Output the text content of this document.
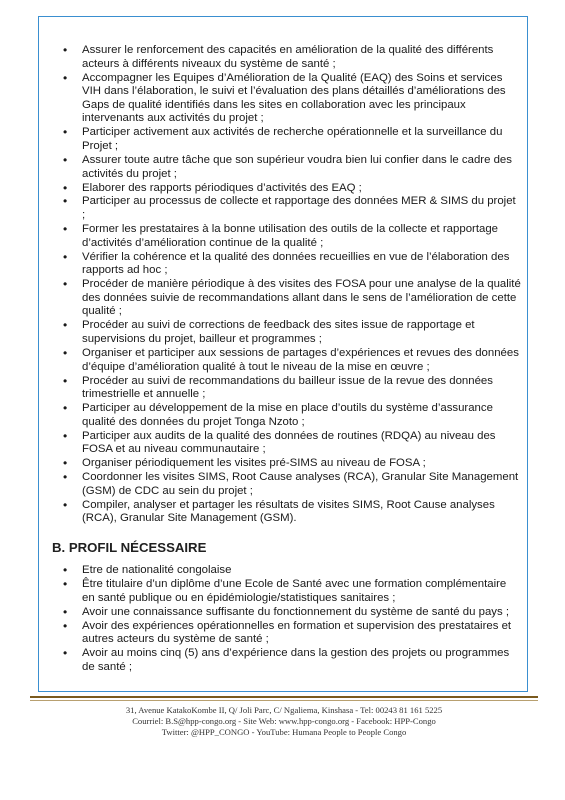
• Assurer le renforcement des capacités en amélioration de la qualité des différents acteurs à différents niveaux du système de santé ;
• Accompagner les Equipes d’Amélioration de la Qualité (EAQ) des Soins et services VIH dans l’élaboration, le suivi et l’évaluation des plans détaillés d’améliorations des Gaps de qualité identifiés dans les sites en collaboration avec les principaux intervenants aux activités du projet ;
• Participer activement aux activités de recherche opérationnelle et la surveillance du Projet ;
• Assurer toute autre tâche que son supérieur voudra bien lui confier dans le cadre des activités du projet ;
• Elaborer des rapports périodiques d’activités des EAQ ;
• Participer au processus de collecte et rapportage des données MER & SIMS du projet ;
• Former les prestataires à la bonne utilisation des outils de la collecte et rapportage d’activités d’amélioration continue de la qualité ;
• Vérifier la cohérence et la qualité des données recueillies en vue de l’élaboration des rapports ad hoc ;
• Procéder de manière périodique à des visites des FOSA pour une analyse de la qualité des données suivie de recommandations allant dans le sens de l’amélioration de cette qualité ;
• Procéder au suivi de corrections de feedback des sites issue de rapportage et supervisions du projet, bailleur et programmes ;
• Organiser et participer aux sessions de partages d’expériences et revues des données d’équipe d’amélioration qualité à tout le niveau de la mise en œuvre ;
• Procéder au suivi de recommandations du bailleur issue de la revue des données trimestrielle et annuelle ;
• Participer au développement de la mise en place d’outils du système d’assurance qualité des données du projet Tonga Nzoto ;
• Participer aux audits de la qualité des données de routines (RDQA) au niveau des FOSA et au niveau communautaire ;
• Organiser périodiquement les visites pré-SIMS au niveau de FOSA ;
• Coordonner les visites SIMS, Root Cause analyses (RCA), Granular Site Management (GSM) de CDC au sein du projet ;
• Compiler, analyser et partager les résultats de visites SIMS, Root Cause analyses (RCA), Granular Site Management (GSM).
B. PROFIL NÉCESSAIRE
• Etre de nationalité congolaise
• Être titulaire d’un diplôme d’une Ecole de Santé avec une formation complémentaire en santé publique ou en épidémiologie/statistiques sanitaires ;
• Avoir une connaissance suffisante du fonctionnement du système de santé du pays ;
• Avoir des expériences opérationnelles en formation et supervision des prestataires et autres acteurs du système de santé ;
• Avoir au moins cinq (5) ans d’expérience dans la gestion des projets ou programmes de santé ;
31, Avenue KatakoKombe II, Q/ Joli Parc, C/ Ngaliema, Kinshasa - Tel: 00243 81 161 5225
Courriel: B.S@hpp-congo.org - Site Web: www.hpp-congo.org - Facebook: HPP-Congo
Twitter: @HPP_CONGO - YouTube: Humana People to People Congo
